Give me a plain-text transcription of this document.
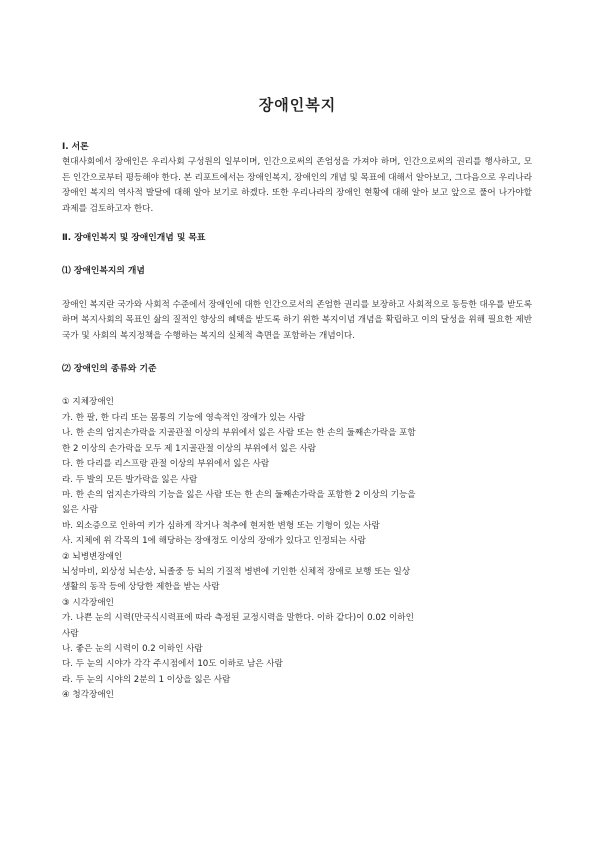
장애인복지
Ⅰ. 서론
현대사회에서 장애인은 우리사회 구성원의 일부이며, 인간으로써의 존엄성을 가져야 하며, 인간으로써의 권리를 행사하고, 모든 인간으로부터 평등해야 한다. 본 리포트에서는 장애인복지, 장애인의 개념 및 목표에 대해서 알아보고, 그다음으로 우리나라 장애인 복지의 역사적 발달에 대해 알아 보기로 하겠다. 또한 우리나라의 장애인 현황에 대해 알아 보고 앞으로 풀어 나가야할 과제를 검토하고자 한다.
Ⅱ. 장애인복지 및 장애인개념 및 목표
⑴ 장애인복지의 개념
장애인 복지란 국가와 사회적 수준에서 장애인에 대한 인간으로서의 존엄한 권리를 보장하고 사회적으로 동등한 대우를 받도록 하며 복지사회의 목표인 삶의 질적인 향상의 혜택을 받도록 하기 위한 복지이념 개념을 확립하고 이의 달성을 위해 필요한 제반 국가 및 사회의 복지정책을 수행하는 복지의 실체적 측면을 포함하는 개념이다.
⑵ 장애인의 종류와 기준
① 지체장애인
가. 한 팔, 한 다리 또는 몸통의 기능에 영속적인 장애가 있는 사람
나. 한 손의 엄지손가락을 지골관절 이상의 부위에서 잃은 사람 또는 한 손의 둘째손가락을 포함
한 2 이상의 손가락을 모두 제 1지골관절 이상의 부위에서 잃은 사람
다. 한 다리를 리스프랑 관절 이상의 부위에서 잃은 사람
라. 두 발의 모든 발가락을 잃은 사람
마. 한 손의 엄지손가락의 기능을 잃은 사람 또는 한 손의 둘째손가락을 포함한 2 이상의 기능을
잃은 사람
바. 외소증으로 인하여 키가 심하게 작거나 척추에 현저한 변형 또는 기형이 있는 사람
사. 지체에 위 각목의 1에 해당하는 장애정도 이상의 장애가 있다고 인정되는 사람
② 뇌병변장애인
뇌성마비, 외상성 뇌손상, 뇌졸중 등 뇌의 기질적 병변에 기인한 신체적 장애로 보행 또는 일상
생활의 동작 등에 상당한 제한을 받는 사람
③ 시각장애인
가. 나쁜 눈의 시력(만국식시력표에 따라 측정된 교정시력을 말한다. 이하 같다)이 0.02 이하인
사람
나. 좋은 눈의 시력이 0.2 이하인 사람
다. 두 눈의 시야가 각각 주시점에서 10도 이하로 남은 사람
라. 두 눈의 시야의 2분의 1 이상을 잃은 사람
④ 청각장애인
